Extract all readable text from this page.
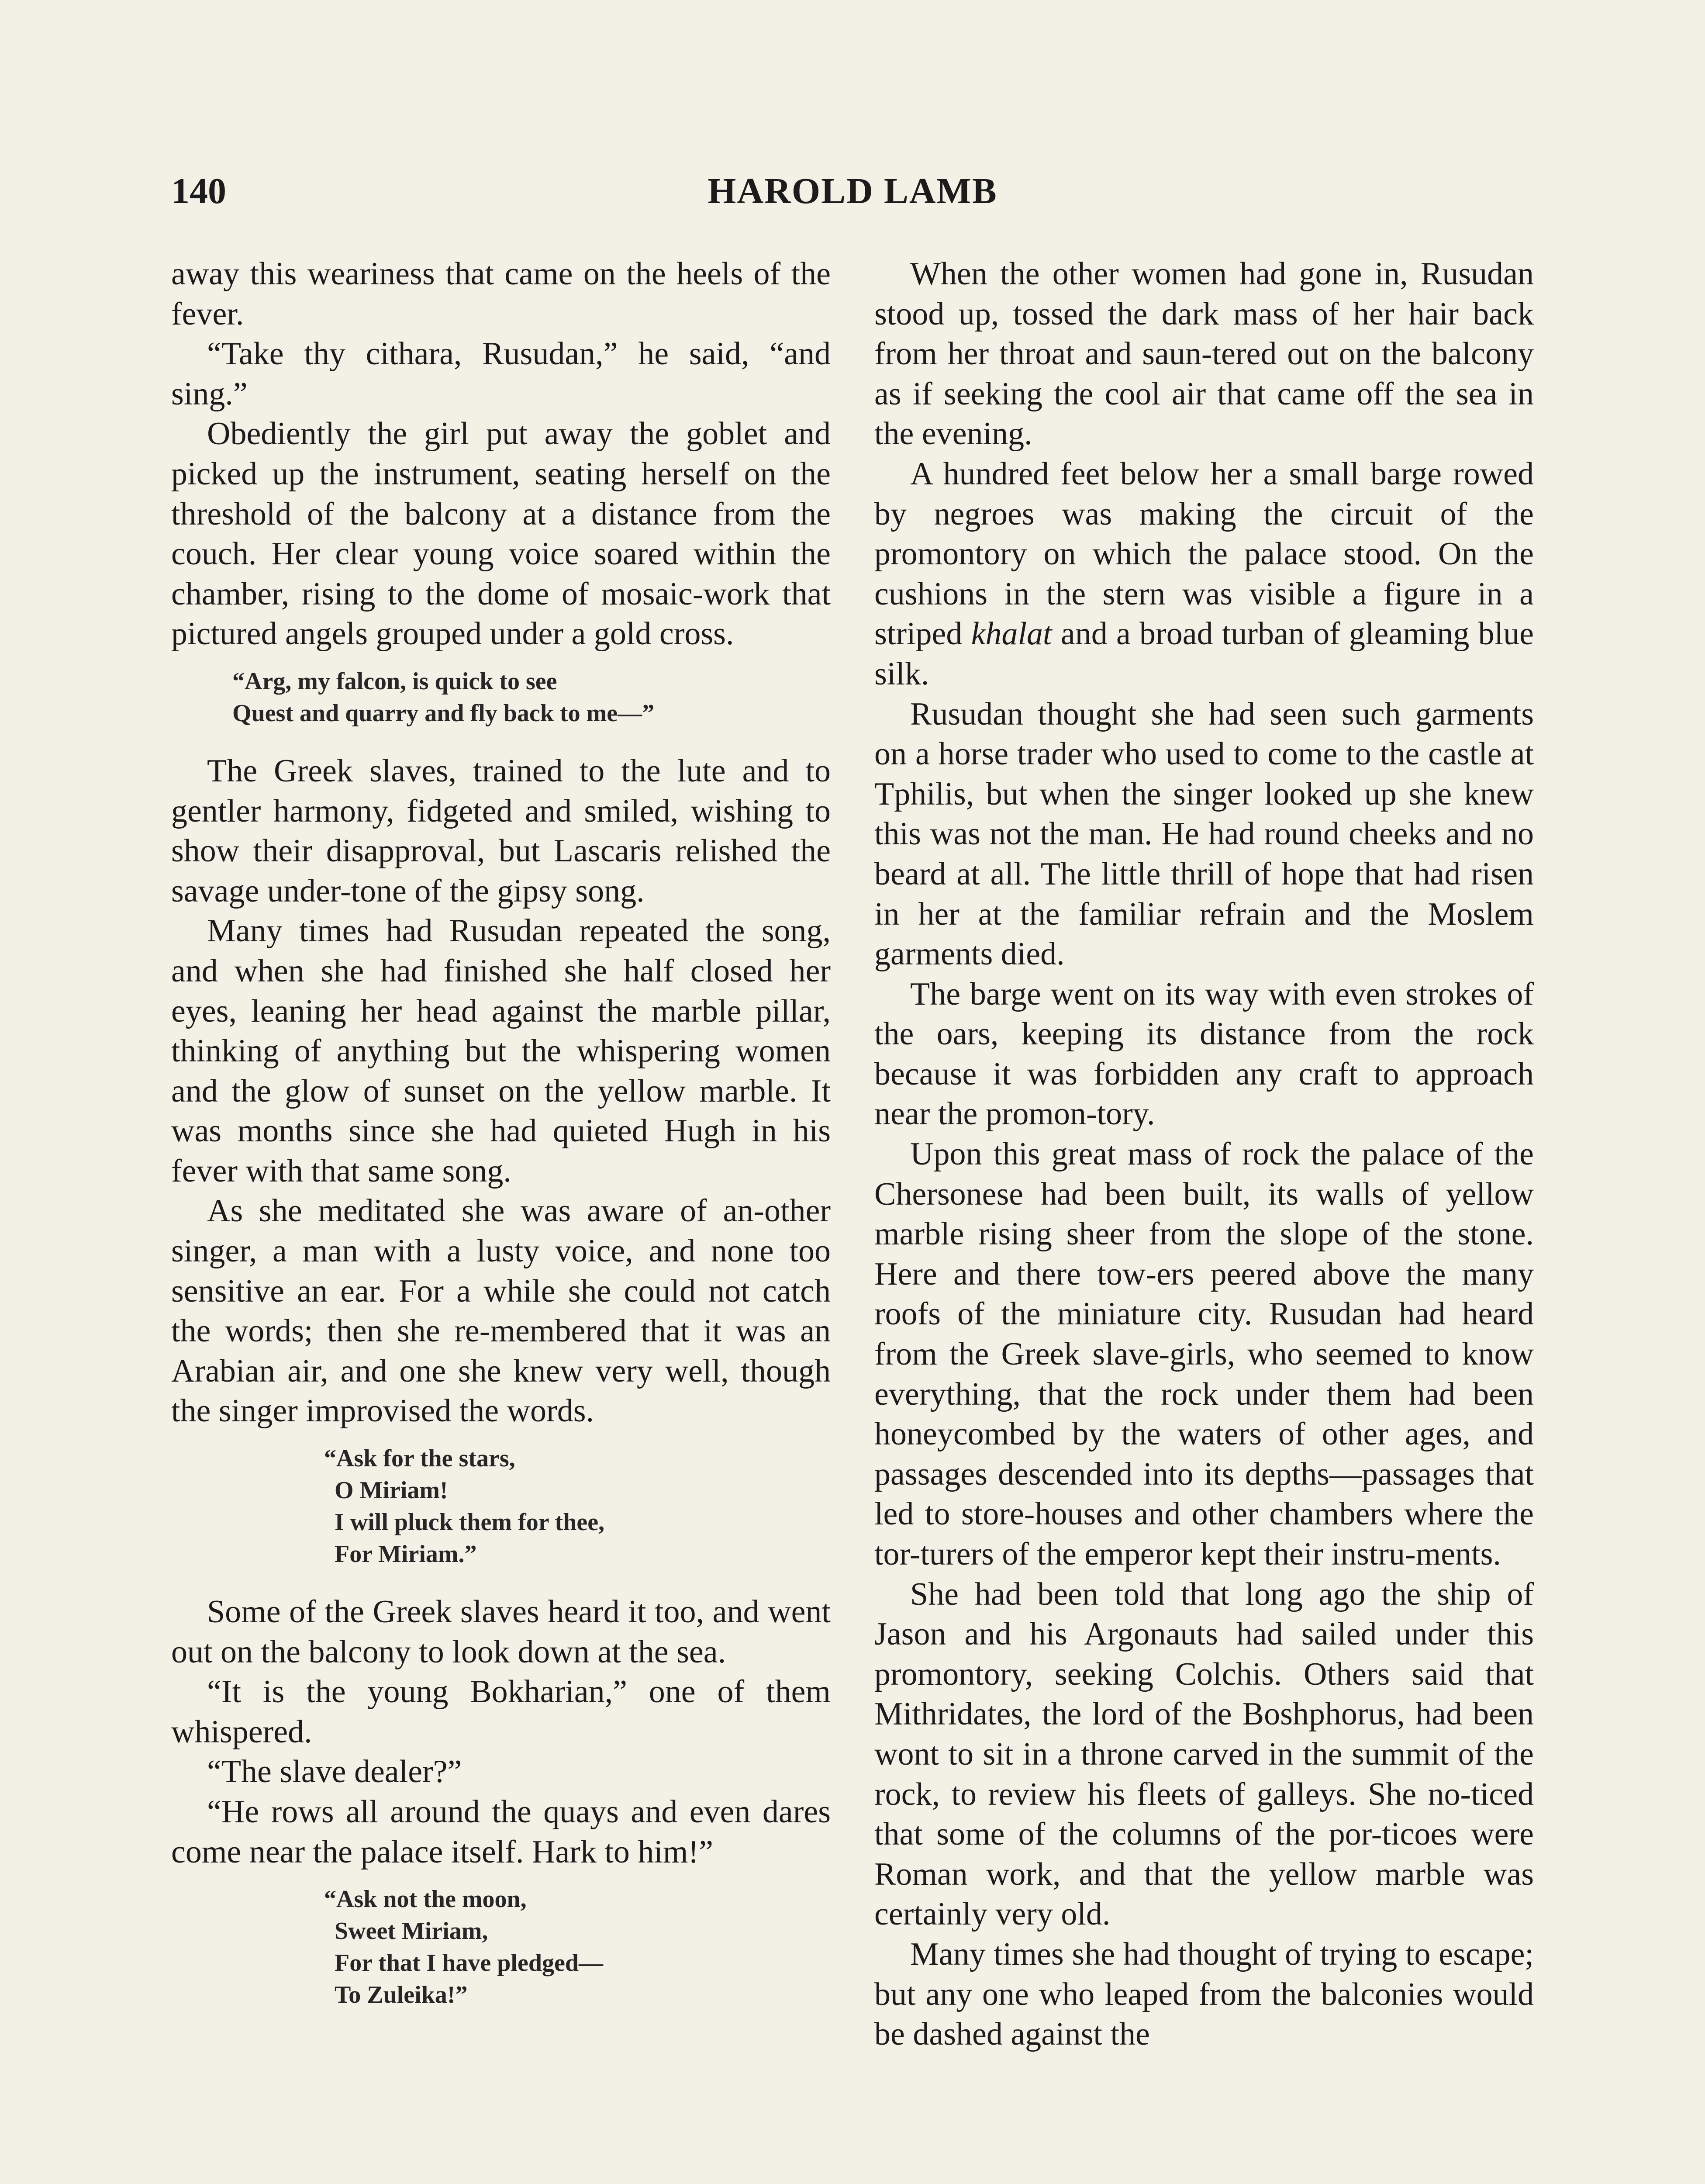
140	HAROLD LAMB

away this weariness that came on the heels of the fever.

“Take thy cithara, Rusudan,” he said, “and sing.”

Obediently the girl put away the goblet and picked up the instrument, seating herself on the threshold of the balcony at a distance from the couch. Her clear young voice soared within the chamber, rising to the dome of mosaic-work that pictured angels grouped under a gold cross.

“Arg, my falcon, is quick to see
Quest and quarry and fly back to me—”

The Greek slaves, trained to the lute and to gentler harmony, fidgeted and smiled, wishing to show their disapproval, but Lascaris relished the savage under-tone of the gipsy song.

Many times had Rusudan repeated the song, and when she had finished she half closed her eyes, leaning her head against the marble pillar, thinking of anything but the whispering women and the glow of sunset on the yellow marble. It was months since she had quieted Hugh in his fever with that same song.

As she meditated she was aware of an-other singer, a man with a lusty voice, and none too sensitive an ear. For a while she could not catch the words; then she re-membered that it was an Arabian air, and one she knew very well, though the singer improvised the words.

“Ask for the stars,
O Miriam!
I will pluck them for thee,
For Miriam.”

Some of the Greek slaves heard it too, and went out on the balcony to look down at the sea.

“It is the young Bokharian,” one of them whispered.

“The slave dealer?”

“He rows all around the quays and even dares come near the palace itself. Hark to him!”

“Ask not the moon,
Sweet Miriam,
For that I have pledged—
To Zuleika!”

When the other women had gone in, Rusudan stood up, tossed the dark mass of her hair back from her throat and saun-tered out on the balcony as if seeking the cool air that came off the sea in the evening.

A hundred feet below her a small barge rowed by negroes was making the circuit of the promontory on which the palace stood. On the cushions in the stern was visible a figure in a striped khalat and a broad turban of gleaming blue silk.

Rusudan thought she had seen such garments on a horse trader who used to come to the castle at Tphilis, but when the singer looked up she knew this was not the man. He had round cheeks and no beard at all. The little thrill of hope that had risen in her at the familiar refrain and the Moslem garments died.

The barge went on its way with even strokes of the oars, keeping its distance from the rock because it was forbidden any craft to approach near the promon-tory.

Upon this great mass of rock the palace of the Chersonese had been built, its walls of yellow marble rising sheer from the slope of the stone. Here and there tow-ers peered above the many roofs of the miniature city. Rusudan had heard from the Greek slave-girls, who seemed to know everything, that the rock under them had been honeycombed by the waters of other ages, and passages descended into its depths—passages that led to store-houses and other chambers where the tor-turers of the emperor kept their instru-ments.

She had been told that long ago the ship of Jason and his Argonauts had sailed under this promontory, seeking Colchis. Others said that Mithridates, the lord of the Boshphorus, had been wont to sit in a throne carved in the summit of the rock, to review his fleets of galleys. She no-ticed that some of the columns of the por-ticoes were Roman work, and that the yellow marble was certainly very old.

Many times she had thought of trying to escape; but any one who leaped from the balconies would be dashed against the
